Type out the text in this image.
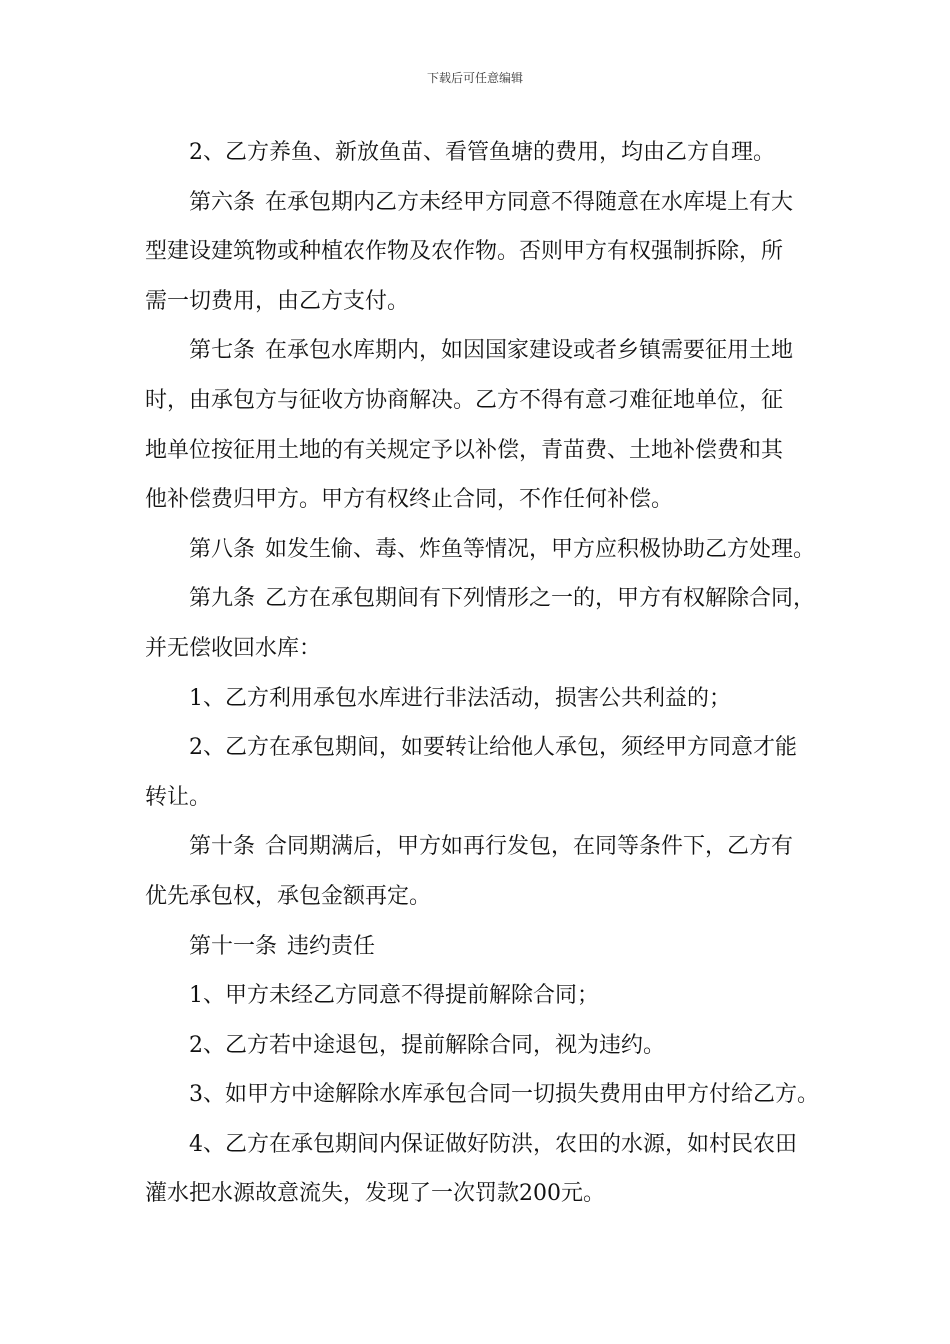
下载后可任意编辑
2、乙方养鱼、新放鱼苗、看管鱼塘的费用，均由乙方自理。
第六条 在承包期内乙方未经甲方同意不得随意在水库堤上有大
型建设建筑物或种植农作物及农作物。否则甲方有权强制拆除，所
需一切费用，由乙方支付。
第七条 在承包水库期内，如因国家建设或者乡镇需要征用土地
时，由承包方与征收方协商解决。乙方不得有意刁难征地单位，征
地单位按征用土地的有关规定予以补偿，青苗费、土地补偿费和其
他补偿费归甲方。甲方有权终止合同，不作任何补偿。
第八条 如发生偷、毒、炸鱼等情况，甲方应积极协助乙方处理。
第九条 乙方在承包期间有下列情形之一的，甲方有权解除合同，
并无偿收回水库：
1、乙方利用承包水库进行非法活动，损害公共利益的；
2、乙方在承包期间，如要转让给他人承包，须经甲方同意才能
转让。
第十条 合同期满后，甲方如再行发包，在同等条件下，乙方有
优先承包权，承包金额再定。
第十一条 违约责任
1、甲方未经乙方同意不得提前解除合同；
2、乙方若中途退包，提前解除合同，视为违约。
3、如甲方中途解除水库承包合同一切损失费用由甲方付给乙方。
4、乙方在承包期间内保证做好防洪，农田的水源，如村民农田
灌水把水源故意流失，发现了一次罚款200元。
